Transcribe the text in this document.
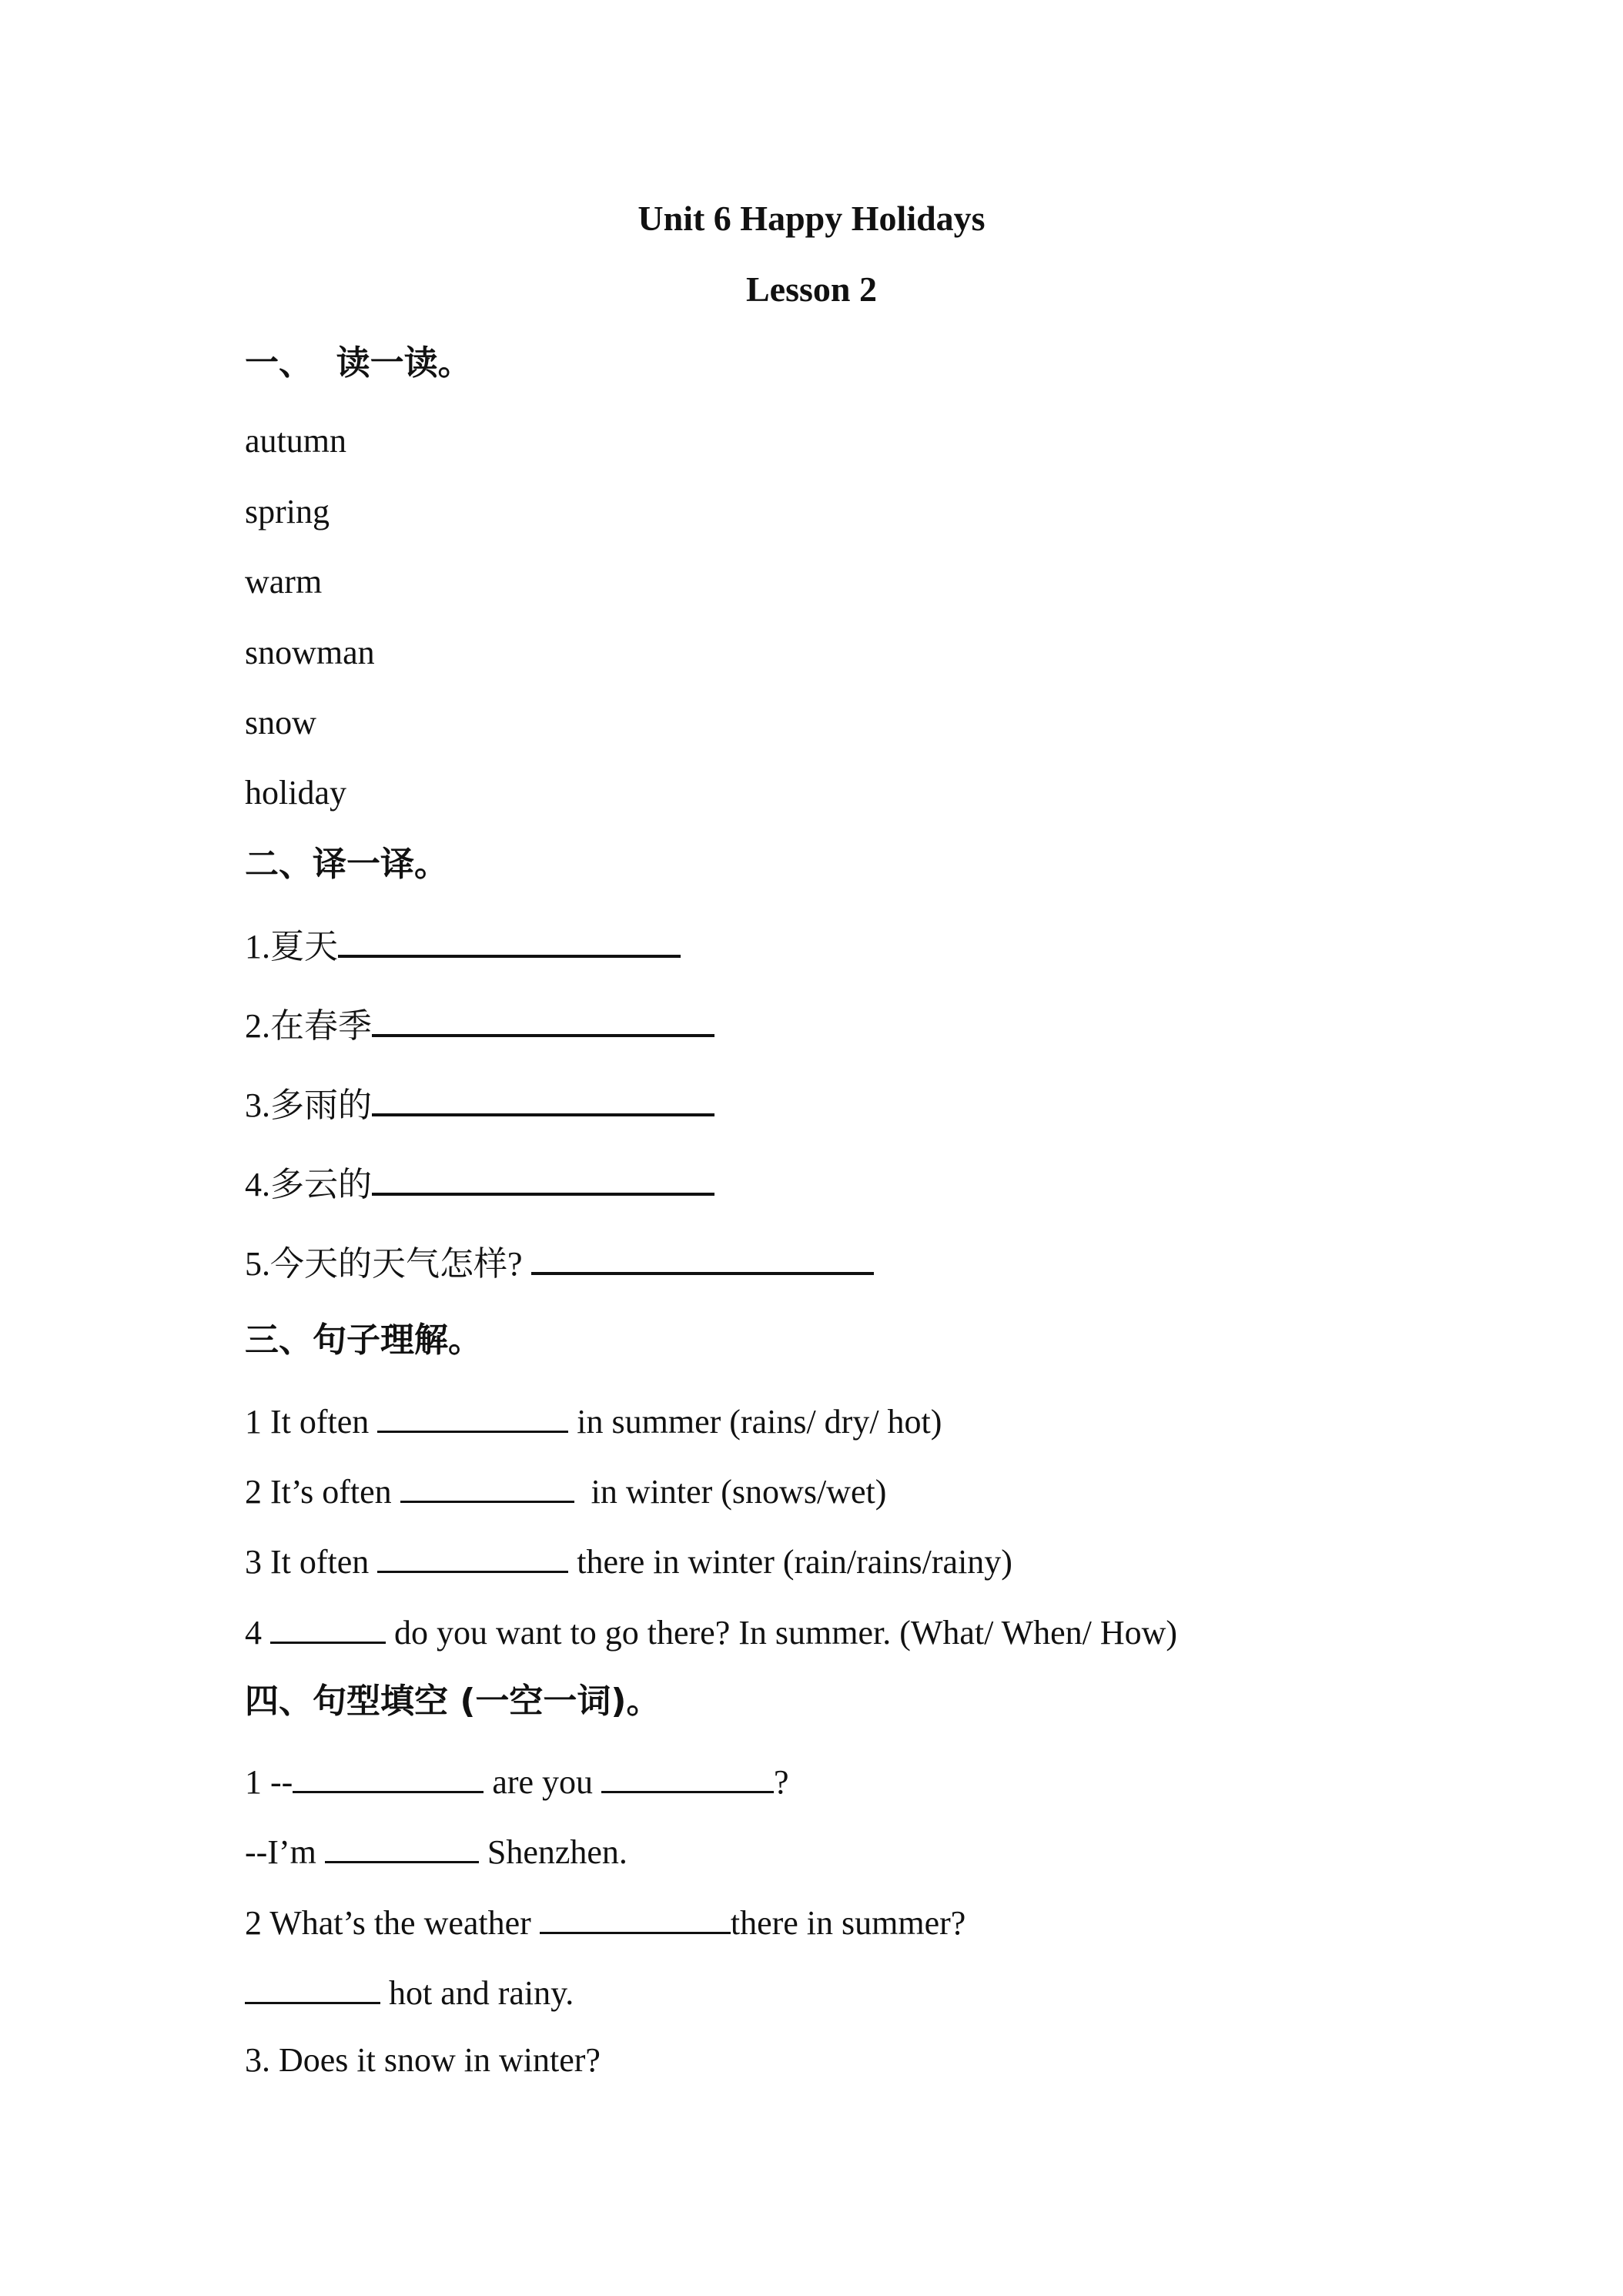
Unit 6 Happy Holidays
Lesson 2
一、  读一读。
autumn
spring
warm
snowman
snow
holiday
二、译一译。
1.夏天
2.在春季
3.多雨的
4.多云的
5.今天的天气怎样?
三、句子理解。
1 It often	in summer (rains/ dry/ hot)
2 It’s often	in winter (snows/wet)
3 It often	there in winter (rain/rains/rainy)
4	do you want to go there? In summer. (What/ When/ How)
四、句型填空 (一空一词)。
1 --	are you	?
--I’m	Shenzhen.
2 What’s the weather	there in summer?
hot and rainy.
3. Does it snow in winter?
